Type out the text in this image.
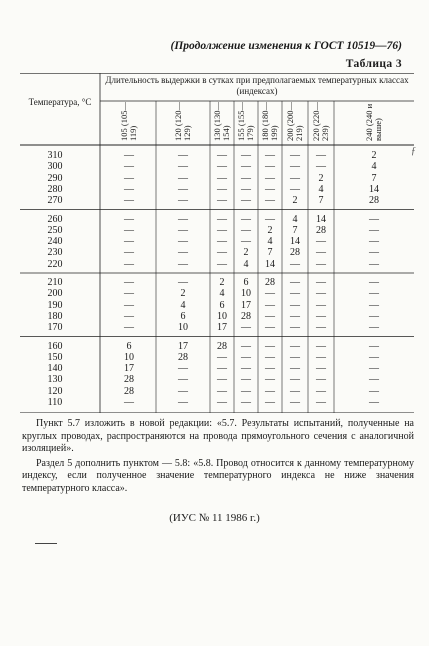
(Продолжение изменения к ГОСТ 10519—76)
Таблица 3
Температура, °C
Длительность выдержки в сутках при предполагаемых температурных классах (индексах)
105 (105—119)	120 (120—129) 130 (130—154) 155 (155—179) 180 (180—199) 200 (200—219) 220 (220—239)	240 (240 и выше)
310	—	—	—	—	—	—	—	2
300	—	—	—	—	—	—	—	4
290	—	—	—	—	—	—	2	7
280	—	—	—	—	—	—	4	14
270	—	—	—	—	—	2	7	28
260	—	—	—	—	—	4	14	—
250	—	—	—	—	2	7	28	—
240	—	—	—	—	4	14	—	—
230	—	—	—	2	7	28	—	—
220	—	—	—	4	14	—	—	—
210	—	—	2	6	28	—	—	—
200	—	2	4	10	—	—	—	—
190	—	4	6	17	—	—	—	—
180	—	6	10	28	—	—	—	—
170	—	10	17	—	—	—	—	—
160	6	17	28	—	—	—	—	—
150	10	28	—	—	—	—	—	—
140	17	—	—	—	—	—	—	—
130	28	—	—	—	—	—	—	—
120	28	—	—	—	—	—	—	—
110	—	—	—	—	—	—	—	—
ƒ

Пункт 5.7 изложить в новой редакции: «5.7. Результаты испытаний, полученные на круглых проводах, распространяются на провода прямоугольного сечения с аналогичной изоляцией».

Раздел 5 дополнить пунктом — 5.8: «5.8. Провод относится к данному температурному индексу, если полученное значение температурного индекса не ниже значения температурного класса».

(ИУС № 11 1986 г.)
